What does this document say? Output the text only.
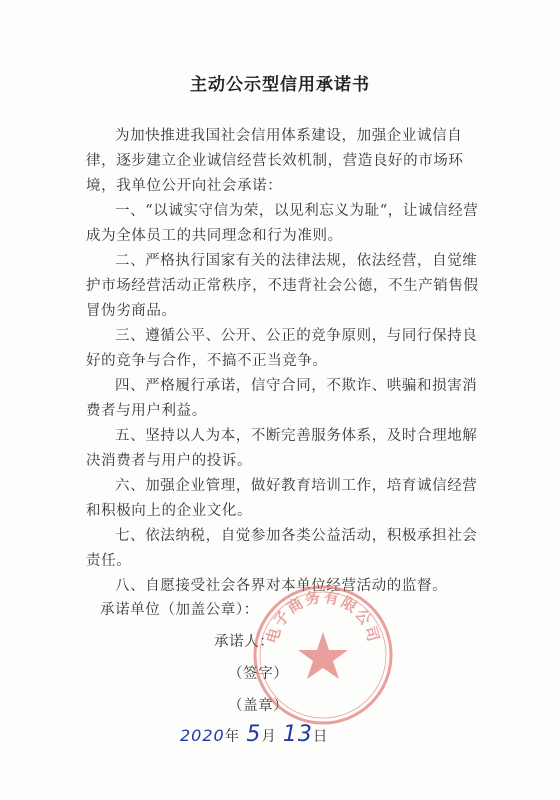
主动公示型信用承诺书

为加快推进我国社会信用体系建设，加强企业诚信自律，逐步建立企业诚信经营长效机制，营造良好的市场环境，我单位公开向社会承诺：

一、“以诚实守信为荣，以见利忘义为耻“，让诚信经营成为全体员工的共同理念和行为准则。

二、严格执行国家有关的法律法规，依法经营，自觉维护市场经营活动正常秩序，不违背社会公德，不生产销售假冒伪劣商品。

三、遵循公平、公开、公正的竞争原则，与同行保持良好的竞争与合作，不搞不正当竞争。

四、严格履行承诺，信守合同，不欺诈、哄骗和损害消费者与用户利益。

五、坚持以人为本，不断完善服务体系，及时合理地解决消费者与用户的投诉。

六、加强企业管理，做好教育培训工作，培育诚信经营和积极向上的企业文化。

七、依法纳税，自觉参加各类公益活动，积极承担社会责任。

八、自愿接受社会各界对本单位经营活动的监督。

承诺单位（加盖公章）：

承诺人：

（签字）

（盖章）

电子商务有限公司
2020年 5月 13日
